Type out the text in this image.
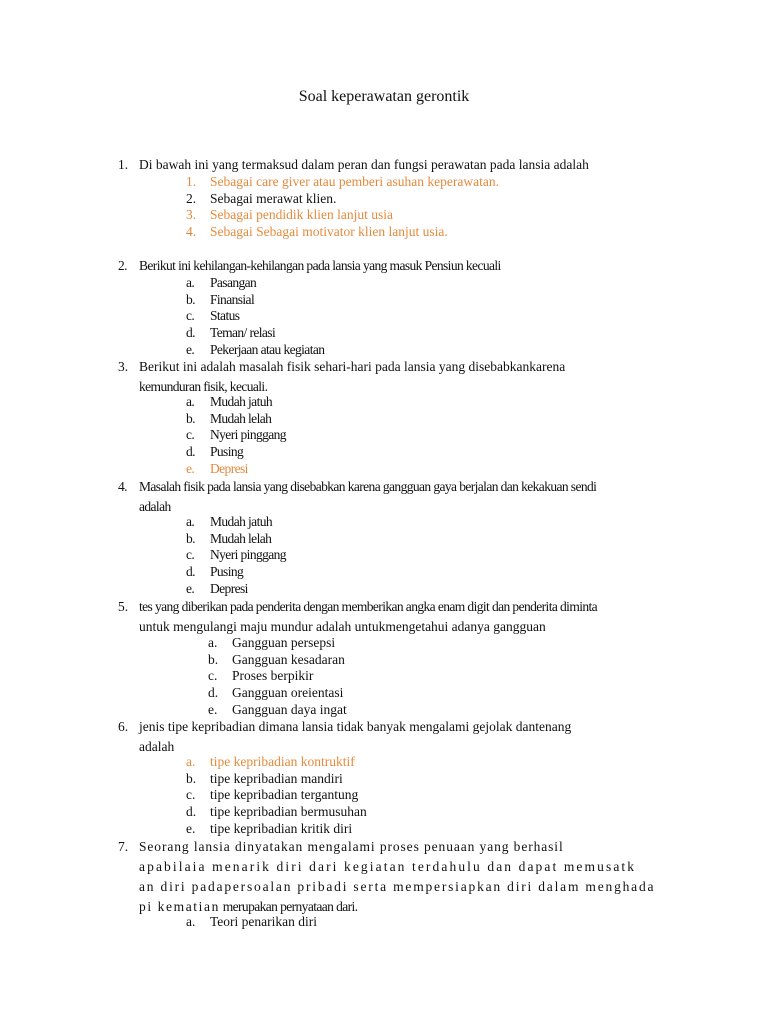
Soal keperawatan gerontik
1. Di bawah ini yang termaksud dalam peran dan fungsi perawatan pada lansia adalah
1.	Sebagai care giver atau pemberi asuhan keperawatan.
2.	Sebagai merawat klien.
3.	Sebagai pendidik klien lanjut usia
4.	Sebagai Sebagai motivator klien lanjut usia.
2. Berikut ini kehilangan-kehilangan pada lansia yang masuk Pensiun kecuali
a.	Pasangan
b.	Finansial
c.	Status
d.	Teman/ relasi
e.	Pekerjaan atau kegiatan
3. Berikut ini adalah masalah fisik sehari-hari pada lansia yang disebabkankarena
kemunduran fisik, kecuali.
a.	Mudah jatuh
b.	Mudah lelah
c.	Nyeri pinggang
d.	Pusing
e.	Depresi
4. Masalah fisik pada lansia yang disebabkan karena gangguan gaya berjalan dan kekakuan sendi
adalah
a.	Mudah jatuh
b.	Mudah lelah
c.	Nyeri pinggang
d.	Pusing
e.	Depresi
5. tes yang diberikan pada penderita dengan memberikan angka enam digit dan penderita diminta
untuk mengulangi maju mundur adalah untukmengetahui adanya gangguan
a.	Gangguan persepsi
b.	Gangguan kesadaran
c.	Proses berpikir
d.	Gangguan oreientasi
e.	Gangguan daya ingat
6. jenis tipe kepribadian dimana lansia tidak banyak mengalami gejolak dantenang
adalah
a.	tipe kepribadian kontruktif
b.	tipe kepribadian mandiri
c.	tipe kepribadian tergantung
d.	tipe kepribadian bermusuhan
e.	tipe kepribadian kritik diri
7. Seorang lansia dinyatakan mengalami proses penuaan yang berhasil
apabilaia menarik diri dari kegiatan terdahulu dan dapat memusatk
an diri padapersoalan pribadi serta mempersiapkan diri dalam menghada
pi kematian merupakan pernyataan dari.
a.	Teori penarikan diri
